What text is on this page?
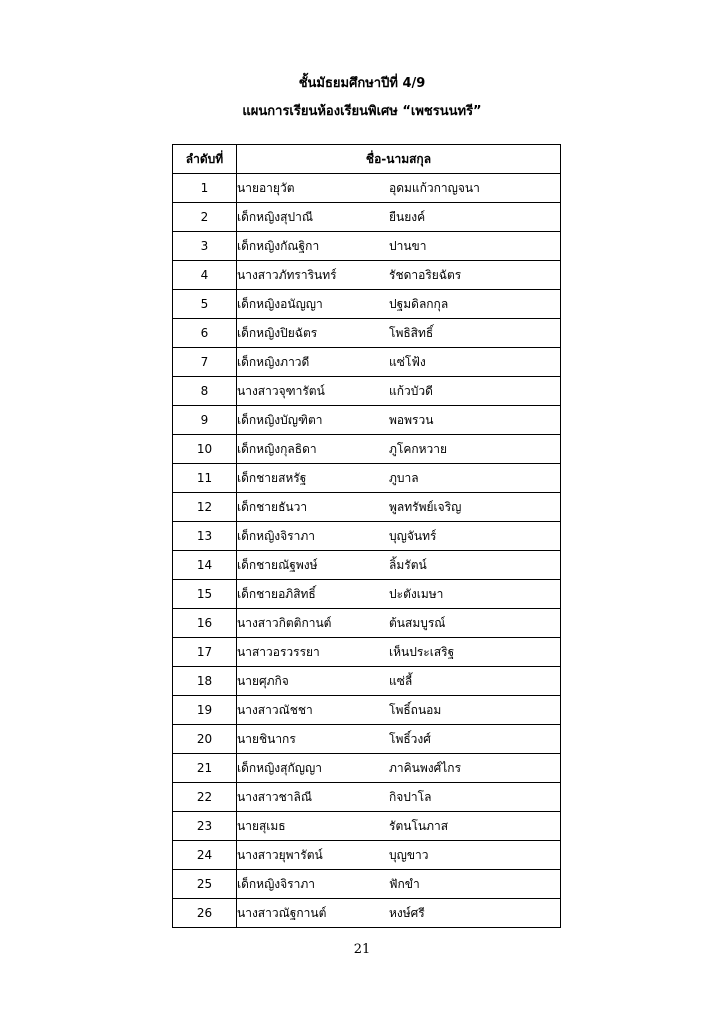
ชั้นมัธยมศึกษาปีที่ 4/9
แผนการเรียนห้องเรียนพิเศษ “เพชรนนทรี”
ลำดับที่	ชื่อ-นามสกุล
1	นายอายุวัต อุดมแก้วกาญจนา
2	เด็กหญิงสุปาณี ยืนยงค์
3	เด็กหญิงกัณฐิกา ปานขา
4	นางสาวภัทรารินทร์ รัชดาอริยฉัตร
5	เด็กหญิงอนัญญา ปฐมดิลกกุล
6	เด็กหญิงปิยฉัตร โพธิสิทธิ์
7	เด็กหญิงภาวดี แซ่โฟ้ง
8	นางสาวจุฑารัตน์ แก้วบัวดี
9	เด็กหญิงบัญฑิตา พอพรวน
10	เด็กหญิงกุลธิดา ภูโคกหวาย
11	เด็กชายสหรัฐ ภูบาล
12	เด็กชายธันวา พูลทรัพย์เจริญ
13	เด็กหญิงจิราภา บุญจันทร์
14	เด็กชายณัฐพงษ์ ลิ้มรัตน์
15	เด็กชายอภิสิทธิ์ ปะตังเมษา
16	นางสาวกิตติกานต์ ต้นสมบูรณ์
17	นาสาวอรวรรยา เห็นประเสริฐ
18	นายศุภกิจ แซ่ลี้
19	นางสาวณัชชา โพธิ์ถนอม
20	นายชินากร โพธิ์วงศ์
21	เด็กหญิงสุกัญญา ภาคินพงศ์ไกร
22	นางสาวชาลิณี กิจปาโล
23	นายสุเมธ รัตนโนภาส
24	นางสาวยุพารัตน์ บุญขาว
25	เด็กหญิงจิราภา ฟักขำ
26	นางสาวณัฐกานต์ หงษ์ศรี
21
